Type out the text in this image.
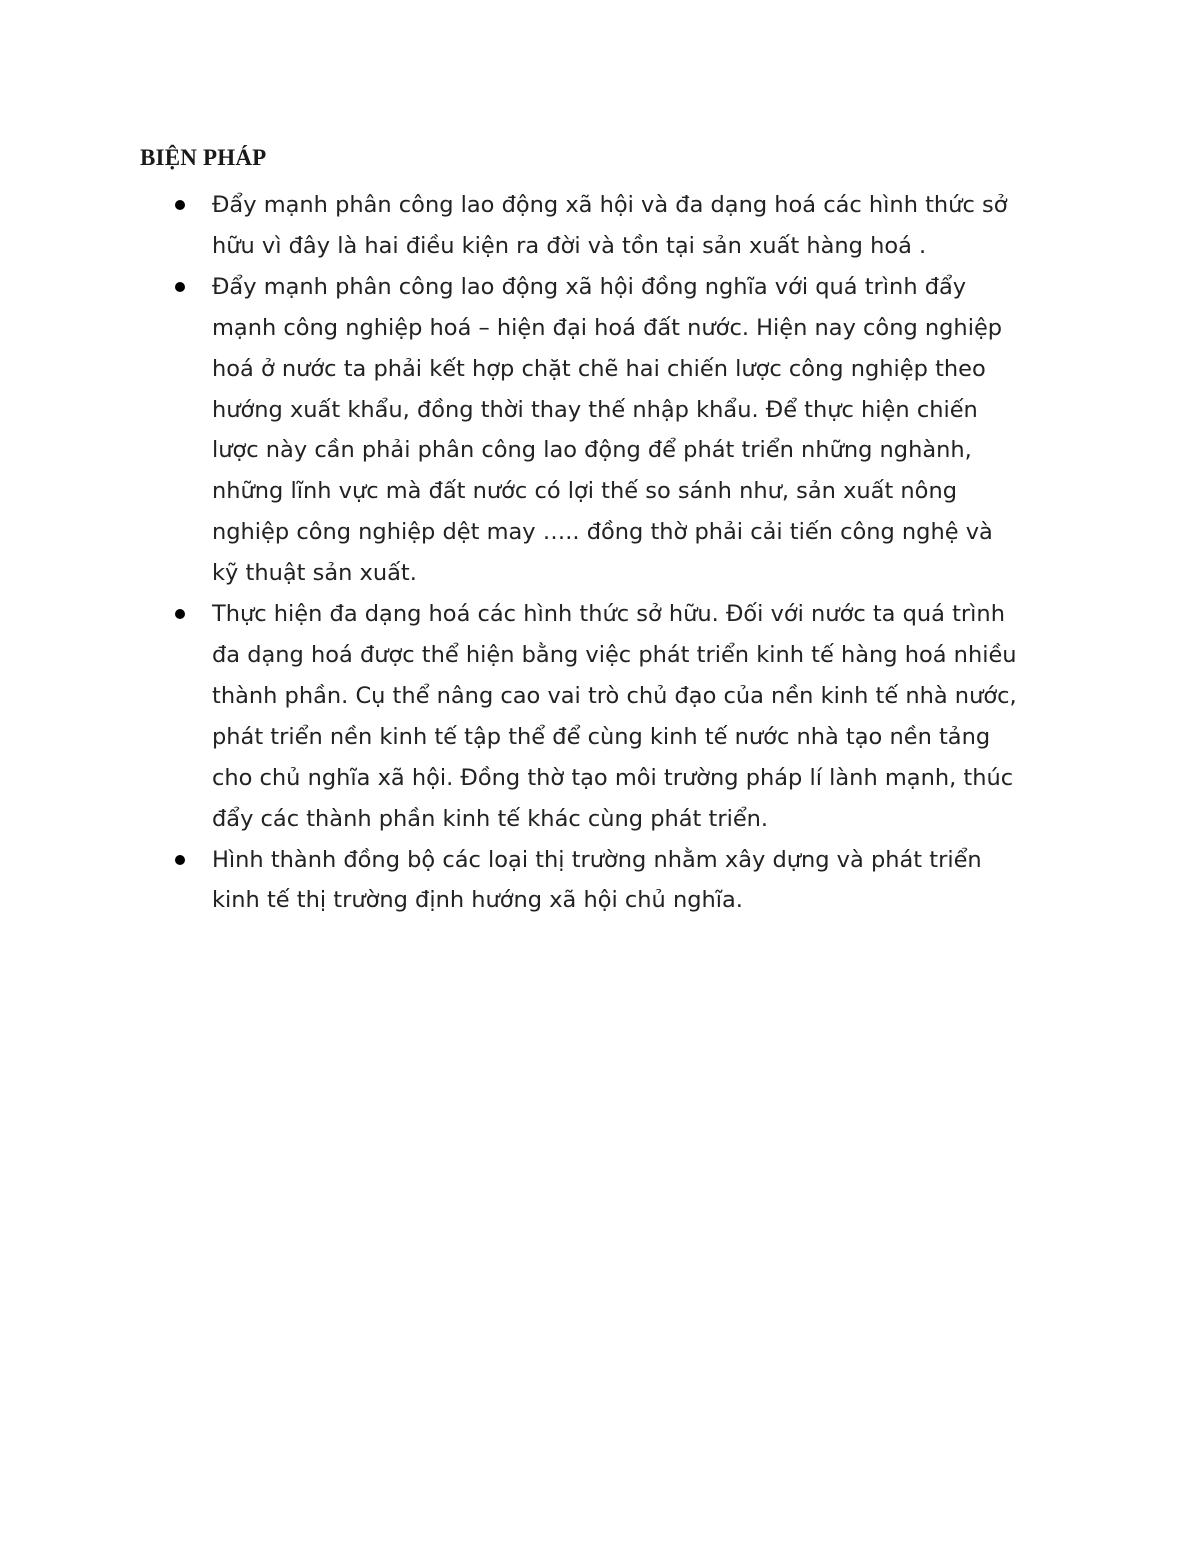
BIỆN PHÁP
Đẩy mạnh phân công lao động xã hội và đa dạng hoá các hình thức sở
hữu vì đây là hai điều kiện ra đời và tồn tại sản xuất hàng hoá .
Đẩy mạnh phân công lao động xã hội đồng nghĩa với quá trình đẩy
mạnh công nghiệp hoá – hiện đại hoá đất nước. Hiện nay công nghiệp
hoá ở nước ta phải kết hợp chặt chẽ hai chiến lược công nghiệp theo
hướng xuất khẩu, đồng thời thay thế nhập khẩu. Để thực hiện chiến
lược này cần phải phân công lao động để phát triển những nghành,
những lĩnh vực mà đất nước có lợi thế so sánh như, sản xuất nông
nghiệp công nghiệp dệt may ….. đồng thờ phải cải tiến công nghệ và
kỹ thuật sản xuất.
Thực hiện đa dạng hoá các hình thức sở hữu. Đối với nước ta quá trình
đa dạng hoá được thể hiện bằng việc phát triển kinh tế hàng hoá nhiều
thành phần. Cụ thể nâng cao vai trò chủ đạo của nền kinh tế nhà nước,
phát triển nền kinh tế tập thể để cùng kinh tế nước nhà tạo nền tảng
cho chủ nghĩa xã hội. Đồng thờ tạo môi trường pháp lí lành mạnh, thúc
đẩy các thành phần kinh tế khác cùng phát triển.
Hình thành đồng bộ các loại thị trường nhằm xây dựng và phát triển
kinh tế thị trường định hướng xã hội chủ nghĩa.
